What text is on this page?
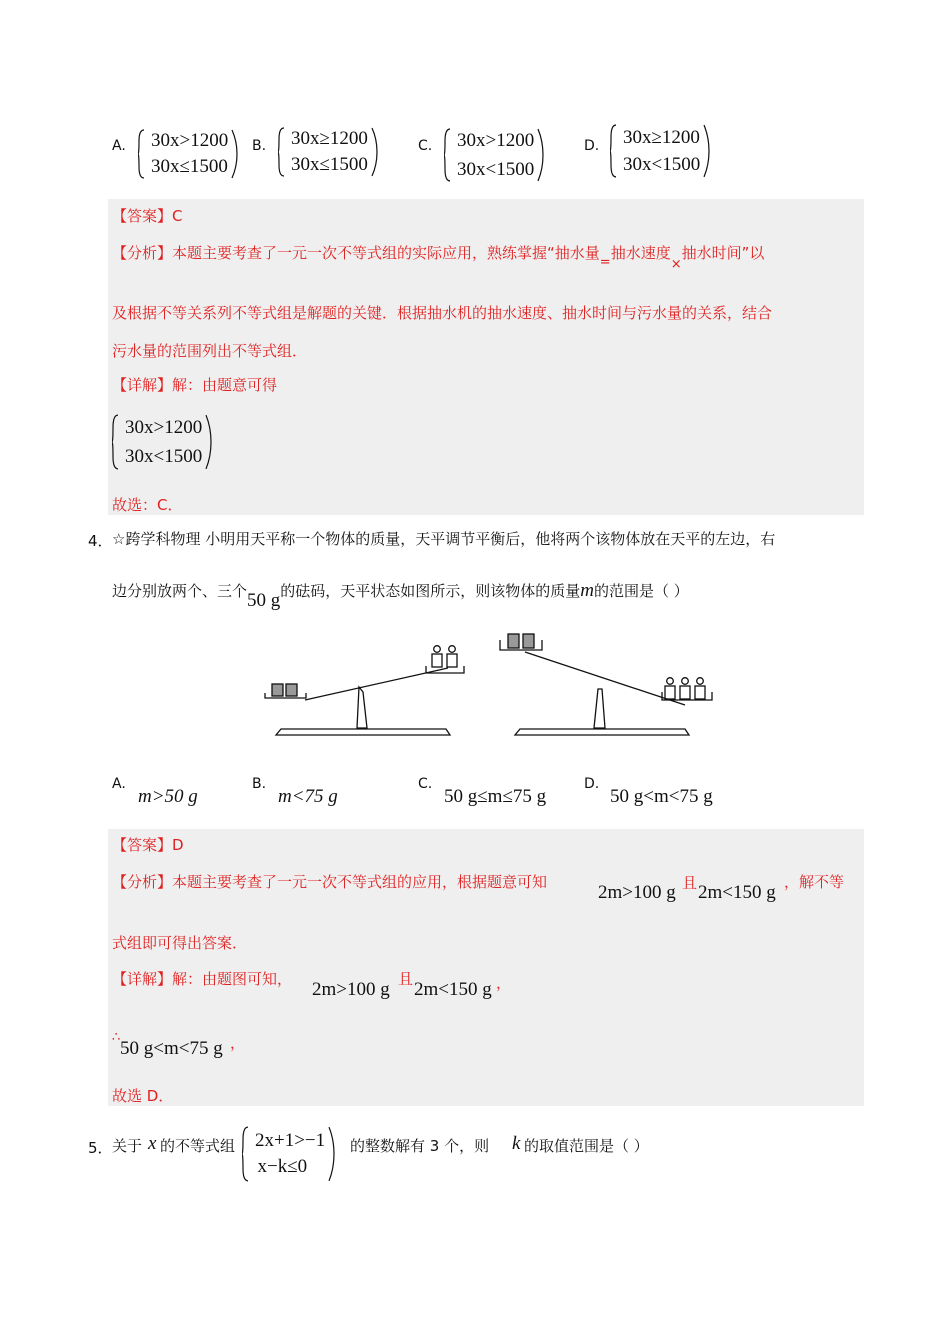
A. 30x>1200
30x≤1500
B. 30x≥1200
30x≤1500
C. 30x>1200
30x<1500
D. 30x≥1200
30x<1500
【答案】C
【分析】本题主要考查了一元一次不等式组的实际应用，熟练掌握“抽水量=抽水速度×抽水时间”以
及根据不等关系列不等式组是解题的关键．根据抽水机的抽水速度、抽水时间与污水量的关系，结合
污水量的范围列出不等式组．
【详解】解：由题意可得
30x>1200
30x<1500
故选：C．
4． ☆跨学科物理 小明用天平称一个物体的质量，天平调节平衡后，他将两个该物体放在天平的左边，右
边分别放两个、三个50 g的砝码，天平状态如图所示，则该物体的质量m的范围是（ ）
A.
m>50 g
B.
m<75 g
C.
50 g≤m≤75 g
D.
50 g<m<75 g
【答案】D
【分析】本题主要考查了一元一次不等式组的应用，根据题意可知	2m>100 g 且 2m<150 g ，解不等
式组即可得出答案．
【详解】解：由题图可知， 2m>100 g 且 2m<150 g ，
∴
50 g<m<75 g ，
故选 D．
5． 关于 x 的不等式组 2x+1>−1
x−k≤0
的整数解有 3 个，则 k 的取值范围是（ ）
